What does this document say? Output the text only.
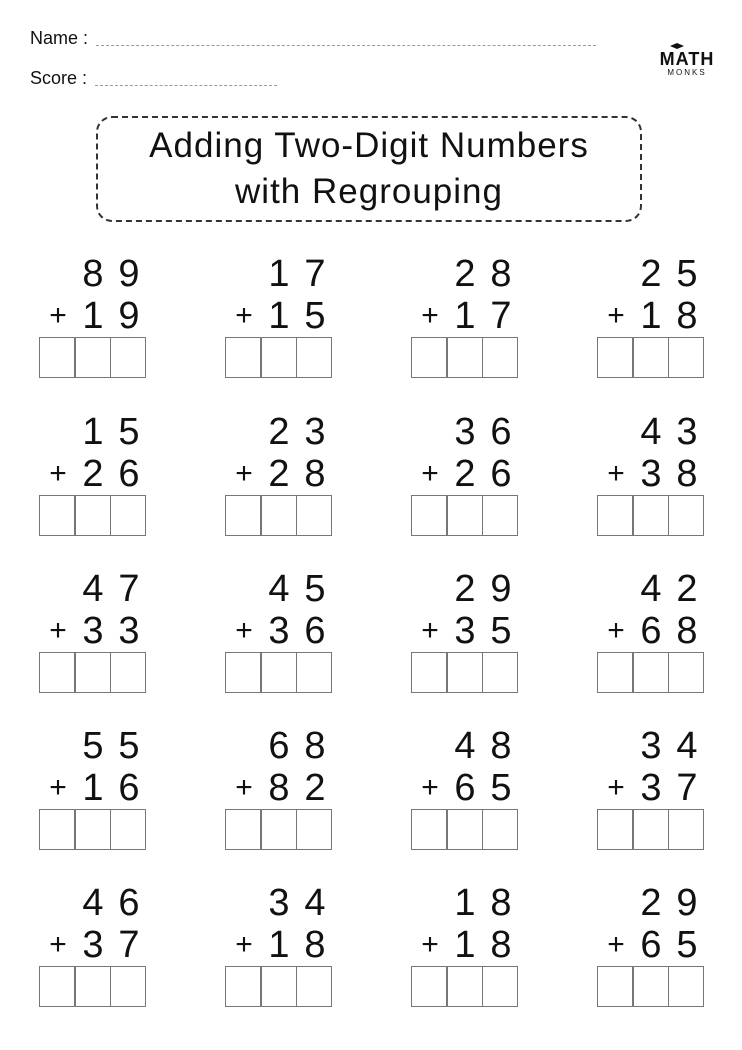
Name :
Score :
MATH
MONKS
Adding Two-Digit Numbers
with Regrouping
8 9
+ 1 9
1 7
+ 1 5
2 8
+ 1 7
2 5
+ 1 8
1 5
+ 2 6
2 3
+ 2 8
3 6
+ 2 6
4 3
+ 3 8
4 7
+ 3 3
4 5
+ 3 6
2 9
+ 3 5
4 2
+ 6 8
5 5
+ 1 6
6 8
+ 8 2
4 8
+ 6 5
3 4
+ 3 7
4 6
+ 3 7
3 4
+ 1 8
1 8
+ 1 8
2 9
+ 6 5
